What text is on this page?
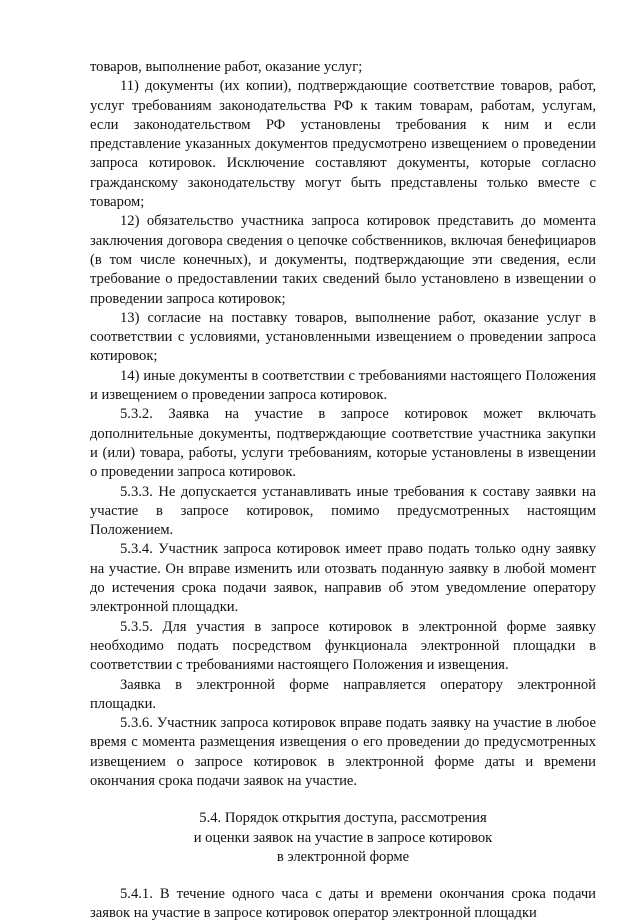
товаров, выполнение работ, оказание услуг;

11) документы (их копии), подтверждающие соответствие товаров, работ, услуг требованиям законодательства РФ к таким товарам, работам, услугам, если законодательством РФ установлены требования к ним и если представление указанных документов предусмотрено извещением о проведении запроса котировок. Исключение составляют документы, которые согласно гражданскому законодательству могут быть представлены только вместе с товаром;

12) обязательство участника запроса котировок представить до момента заключения договора сведения о цепочке собственников, включая бенефициаров (в том числе конечных), и документы, подтверждающие эти сведения, если требование о предоставлении таких сведений было установлено в извещении о проведении запроса котировок;

13) согласие на поставку товаров, выполнение работ, оказание услуг в соответствии с условиями, установленными извещением о проведении запроса котировок;

14) иные документы в соответствии с требованиями настоящего Положения и извещением о проведении запроса котировок.

5.3.2. Заявка на участие в запросе котировок может включать дополнительные документы, подтверждающие соответствие участника закупки и (или) товара, работы, услуги требованиям, которые установлены в извещении о проведении запроса котировок.

5.3.3. Не допускается устанавливать иные требования к составу заявки на участие в запросе котировок, помимо предусмотренных настоящим Положением.

5.3.4. Участник запроса котировок имеет право подать только одну заявку на участие. Он вправе изменить или отозвать поданную заявку в любой момент до истечения срока подачи заявок, направив об этом уведомление оператору электронной площадки.

5.3.5. Для участия в запросе котировок в электронной форме заявку необходимо подать посредством функционала электронной площадки в соответствии с требованиями настоящего Положения и извещения.

Заявка в электронной форме направляется оператору электронной площадки.

5.3.6. Участник запроса котировок вправе подать заявку на участие в любое время с момента размещения извещения о его проведении до предусмотренных извещением о запросе котировок в электронной форме даты и времени окончания срока подачи заявок на участие.

5.4. Порядок открытия доступа, рассмотрения
и оценки заявок на участие в запросе котировок
в электронной форме

5.4.1. В течение одного часа с даты и времени окончания срока подачи заявок на участие в запросе котировок оператор электронной площадки
